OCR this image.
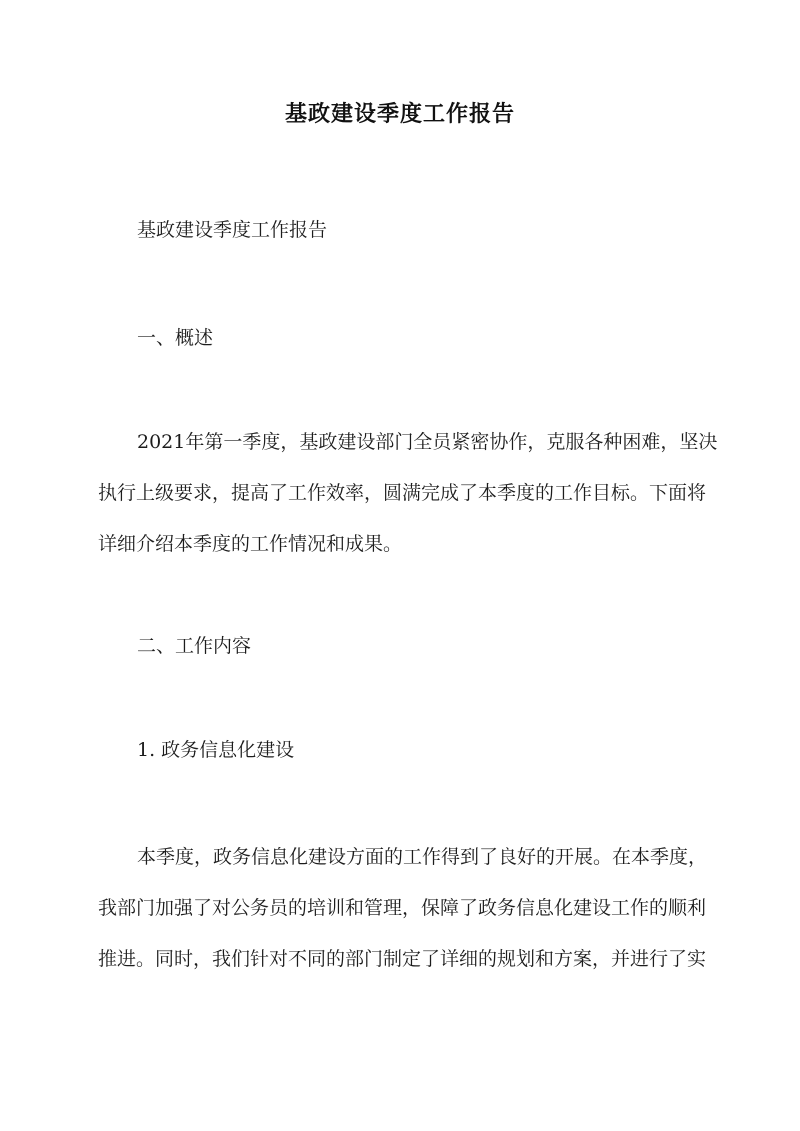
基政建设季度工作报告
基政建设季度工作报告
一、概述
2021年第一季度，基政建设部门全员紧密协作，克服各种困难，坚决
执行上级要求，提高了工作效率，圆满完成了本季度的工作目标。下面将
详细介绍本季度的工作情况和成果。
二、工作内容
1. 政务信息化建设
本季度，政务信息化建设方面的工作得到了良好的开展。在本季度，
我部门加强了对公务员的培训和管理，保障了政务信息化建设工作的顺利
推进。同时，我们针对不同的部门制定了详细的规划和方案，并进行了实
